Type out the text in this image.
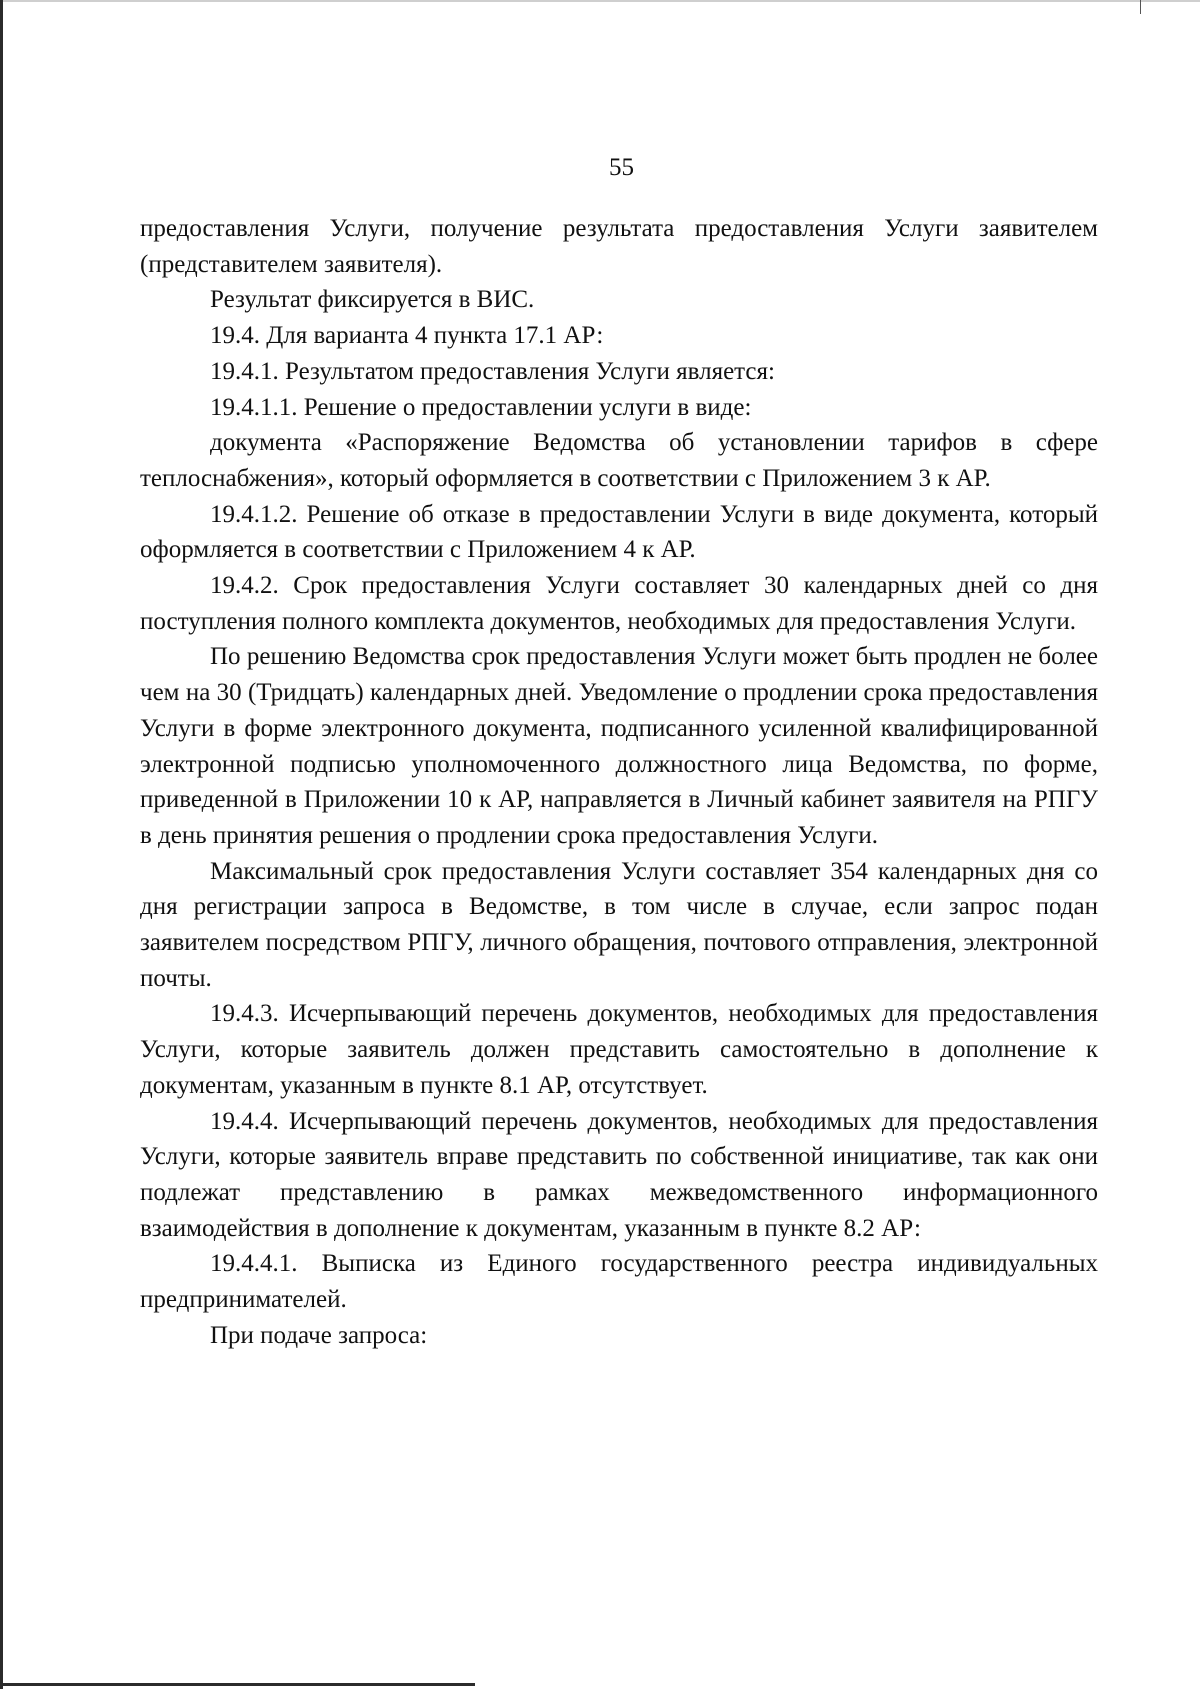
55

предоставления Услуги, получение результата предоставления Услуги заявителем (представителем заявителя).

Результат фиксируется в ВИС.

19.4. Для варианта 4 пункта 17.1 АР:

19.4.1. Результатом предоставления Услуги является:

19.4.1.1. Решение о предоставлении услуги в виде:

документа «Распоряжение Ведомства об установлении тарифов в сфере теплоснабжения», который оформляется в соответствии с Приложением 3 к АР.

19.4.1.2. Решение об отказе в предоставлении Услуги в виде документа, который оформляется в соответствии с Приложением 4 к АР.

19.4.2. Срок предоставления Услуги составляет 30 календарных дней со дня поступления полного комплекта документов, необходимых для предоставления Услуги.

По решению Ведомства срок предоставления Услуги может быть продлен не более чем на 30 (Тридцать) календарных дней. Уведомление о продлении срока предоставления Услуги в форме электронного документа, подписанного усиленной квалифицированной электронной подписью уполномоченного должностного лица Ведомства, по форме, приведенной в Приложении 10 к АР, направляется в Личный кабинет заявителя на РПГУ в день принятия решения о продлении срока предоставления Услуги.

Максимальный срок предоставления Услуги составляет 354 календарных дня со дня регистрации запроса в Ведомстве, в том числе в случае, если запрос подан заявителем посредством РПГУ, личного обращения, почтового отправления, электронной почты.

19.4.3. Исчерпывающий перечень документов, необходимых для предоставления Услуги, которые заявитель должен представить самостоятельно в дополнение к документам, указанным в пункте 8.1 АР, отсутствует.

19.4.4. Исчерпывающий перечень документов, необходимых для предоставления Услуги, которые заявитель вправе представить по собственной инициативе, так как они подлежат представлению в рамках межведомственного информационного взаимодействия в дополнение к документам, указанным в пункте 8.2 АР:

19.4.4.1. Выписка из Единого государственного реестра индивидуальных предпринимателей.

При подаче запроса:
